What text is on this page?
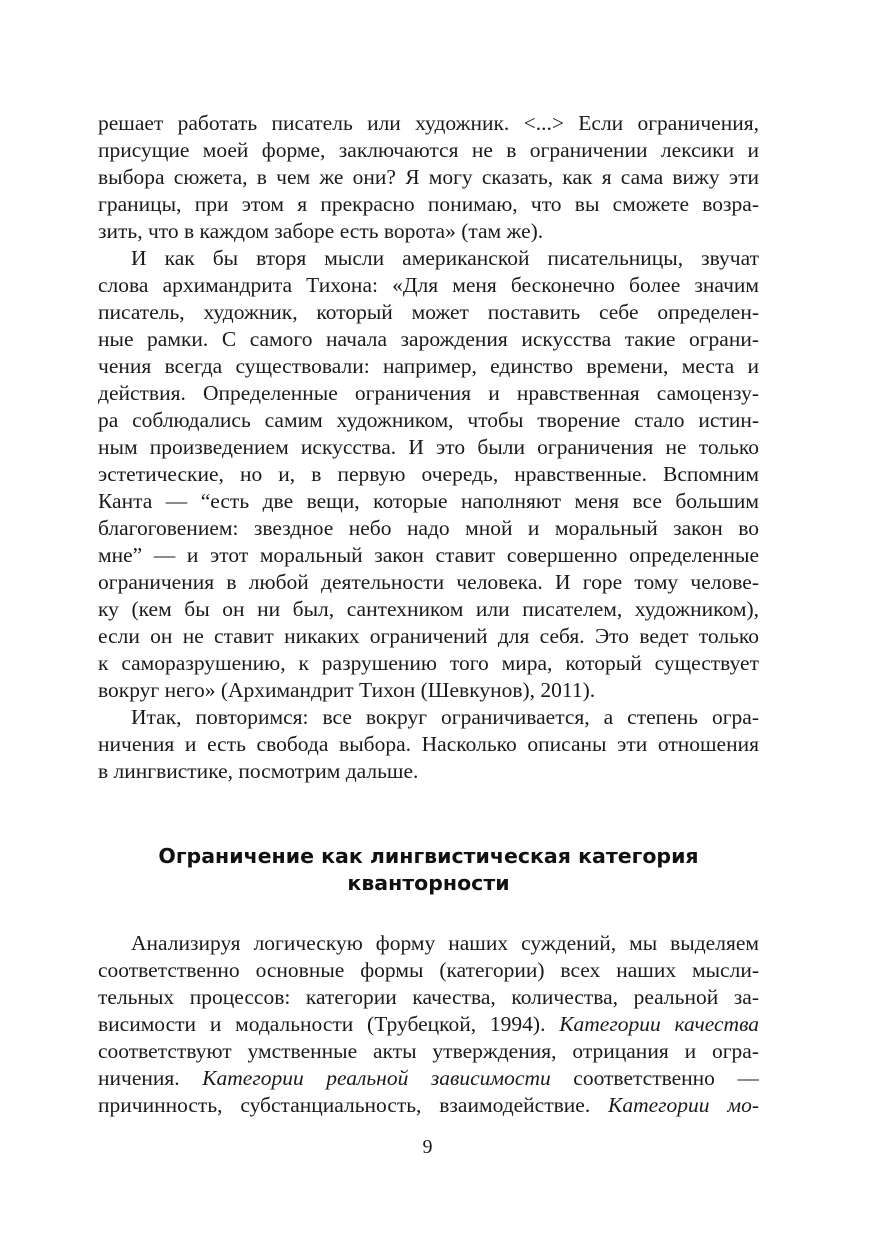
решает работать писатель или художник. <...> Если ограничения,
присущие моей форме, заключаются не в ограничении лексики и
выбора сюжета, в чем же они? Я могу сказать, как я сама вижу эти
границы, при этом я прекрасно понимаю, что вы сможете возра-
зить, что в каждом заборе есть ворота» (там же).
И как бы вторя мысли американской писательницы, звучат
слова архимандрита Тихона: «Для меня бесконечно более значим
писатель, художник, который может поставить себе определен-
ные рамки. С самого начала зарождения искусства такие ограни-
чения всегда существовали: например, единство времени, места и
действия. Определенные ограничения и нравственная самоцензу-
ра соблюдались самим художником, чтобы творение стало истин-
ным произведением искусства. И это были ограничения не только
эстетические, но и, в первую очередь, нравственные. Вспомним
Канта — “есть две вещи, которые наполняют меня все большим
благоговением: звездное небо надо мной и моральный закон во
мне” — и этот моральный закон ставит совершенно определенные
ограничения в любой деятельности человека. И горе тому челове-
ку (кем бы он ни был, сантехником или писателем, художником),
если он не ставит никаких ограничений для себя. Это ведет только
к саморазрушению, к разрушению того мира, который существует
вокруг него» (Архимандрит Тихон (Шевкунов), 2011).
Итак, повторимся: все вокруг ограничивается, а степень огра-
ничения и есть свобода выбора. Насколько описаны эти отношения
в лингвистике, посмотрим дальше.
Ограничение как лингвистическая категория
кванторности
Анализируя логическую форму наших суждений, мы выделяем
соответственно основные формы (категории) всех наших мысли-
тельных процессов: категории качества, количества, реальной за-
висимости и модальности (Трубецкой, 1994). Категории качества
соответствуют умственные акты утверждения, отрицания и огра-
ничения. Категории реальной зависимости соответственно —
причинность, субстанциальность, взаимодействие. Категории мо-
9
